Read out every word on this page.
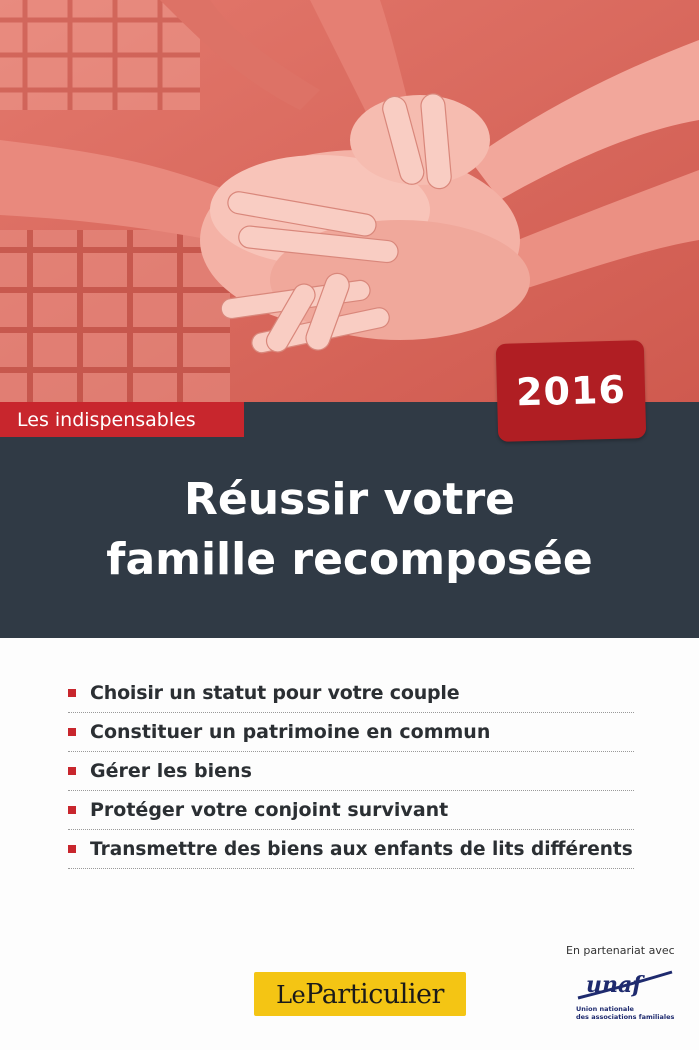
Les indispensables
2016
Réussir votre
famille recomposée
Choisir un statut pour votre couple
Constituer un patrimoine en commun
Gérer les biens
Protéger votre conjoint survivant
Transmettre des biens aux enfants de lits différents
En partenariat avec
unaf
Union nationale
des associations familiales
LeParticulier
